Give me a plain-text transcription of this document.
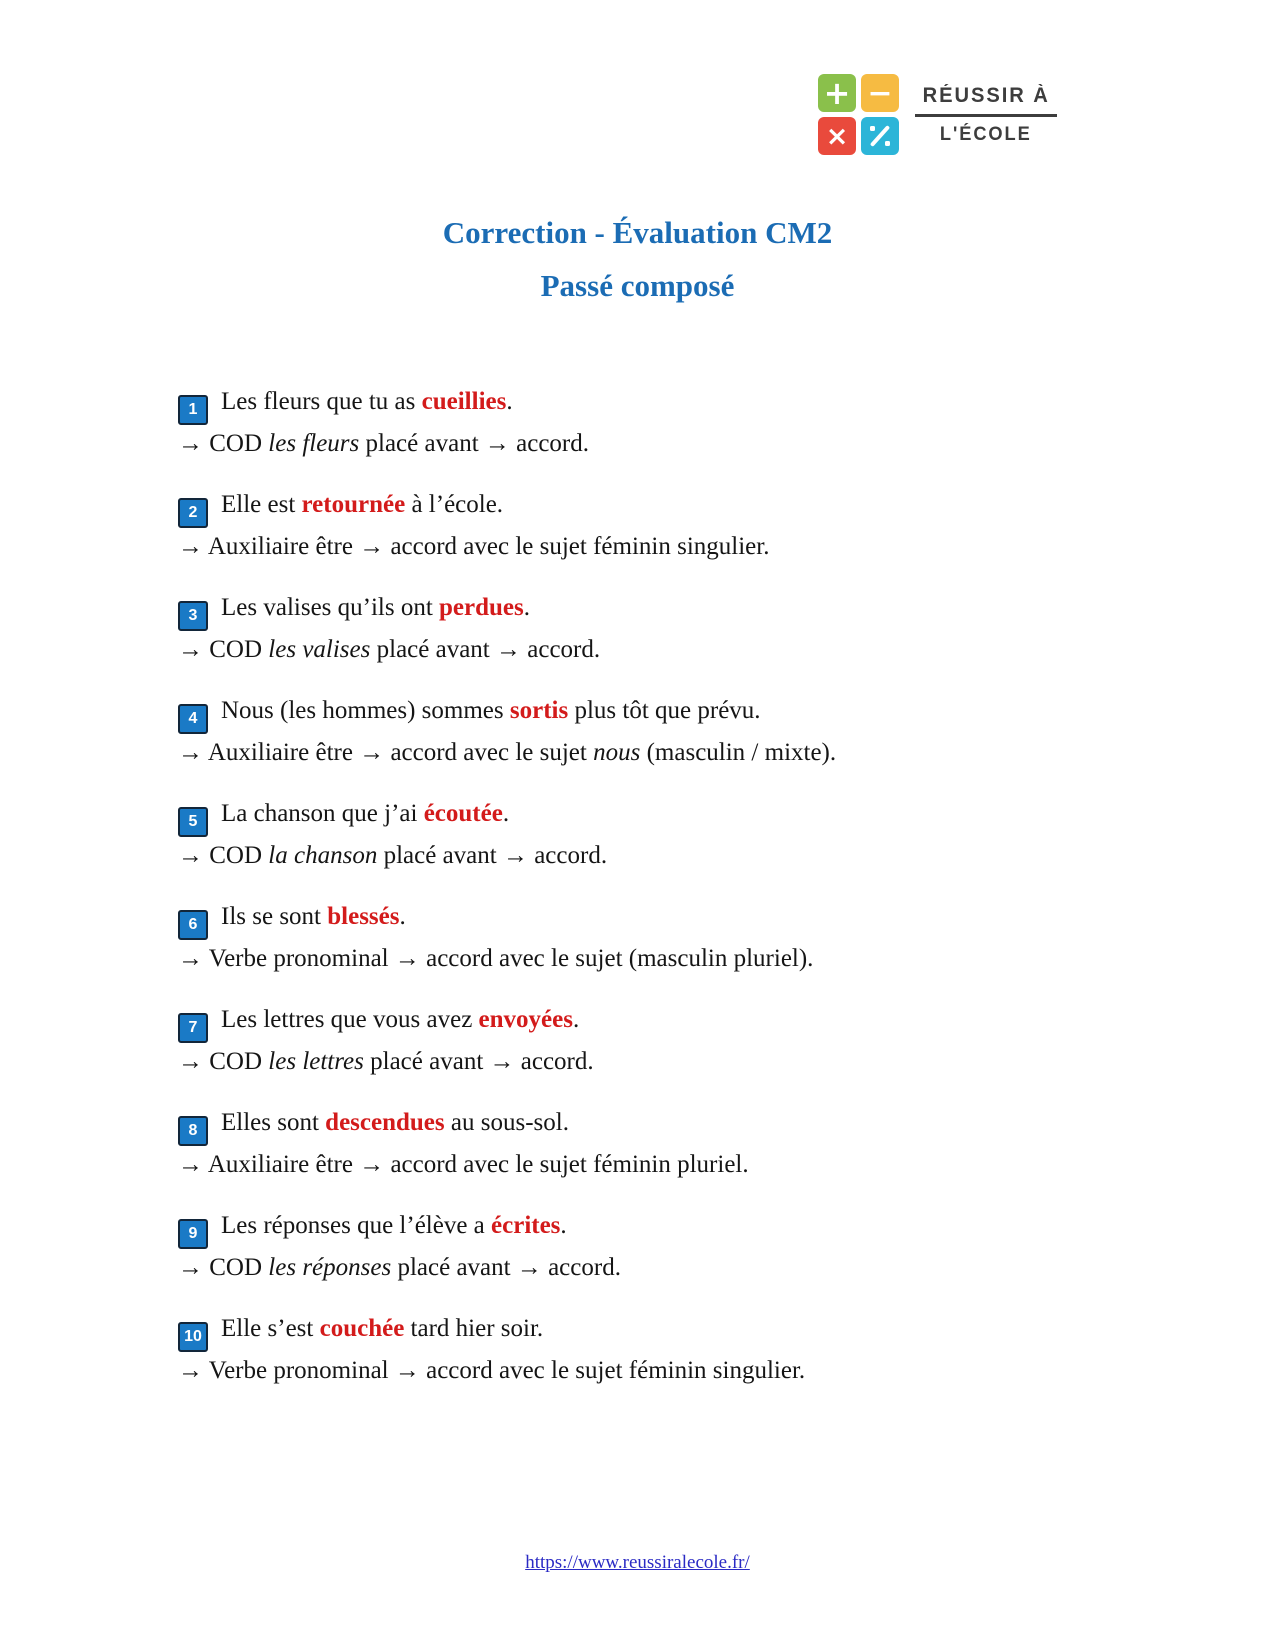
+ −
×
RÉUSSIR À
L'ÉCOLE
Correction - Évaluation CM2
Passé composé
1 Les fleurs que tu as cueillies.
→ COD les fleurs placé avant → accord.
2 Elle est retournée à l’école.
→ Auxiliaire être → accord avec le sujet féminin singulier.
3 Les valises qu’ils ont perdues.
→ COD les valises placé avant → accord.
4 Nous (les hommes) sommes sortis plus tôt que prévu.
→ Auxiliaire être → accord avec le sujet nous (masculin / mixte).
5 La chanson que j’ai écoutée.
→ COD la chanson placé avant → accord.
6 Ils se sont blessés.
→ Verbe pronominal → accord avec le sujet (masculin pluriel).
7 Les lettres que vous avez envoyées.
→ COD les lettres placé avant → accord.
8 Elles sont descendues au sous-sol.
→ Auxiliaire être → accord avec le sujet féminin pluriel.
9 Les réponses que l’élève a écrites.
→ COD les réponses placé avant → accord.
10 Elle s’est couchée tard hier soir.
→ Verbe pronominal → accord avec le sujet féminin singulier.
https://www.reussiralecole.fr/
